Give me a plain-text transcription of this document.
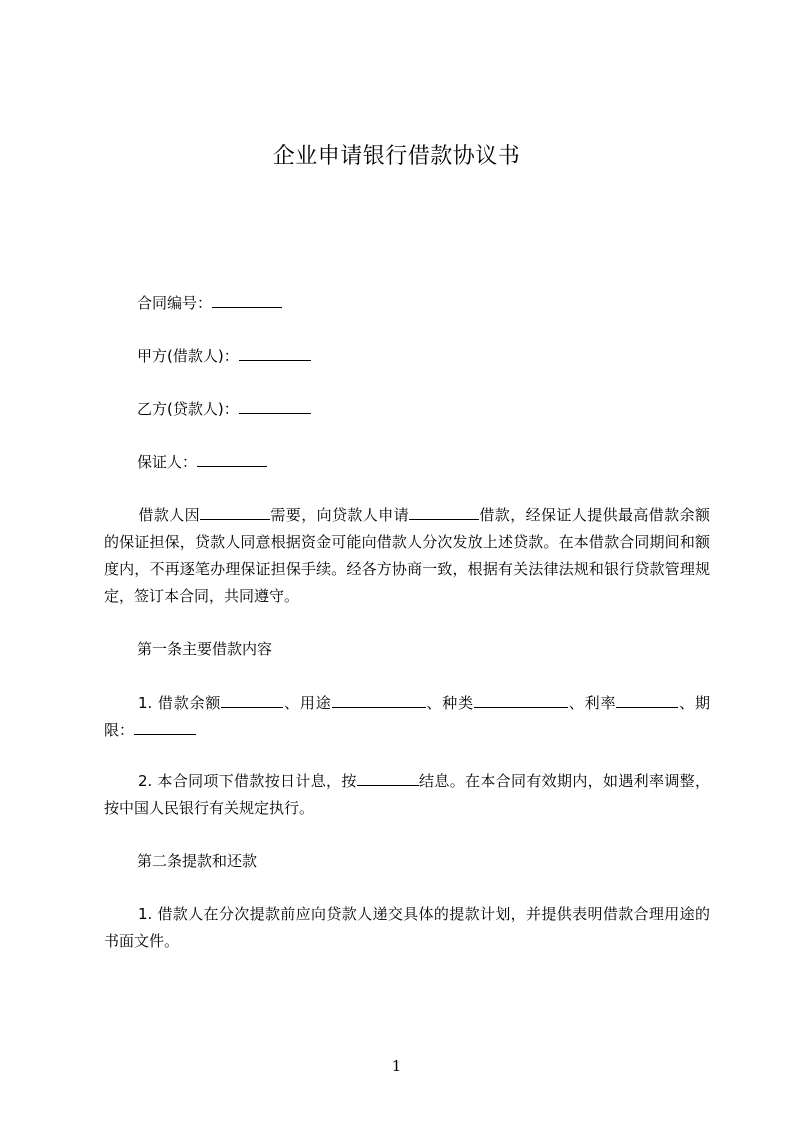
企业申请银行借款协议书
合同编号：
甲方(借款人)：
乙方(贷款人)：
保证人：
借款人因	需要，向贷款人申请	借款，经保证人提供最高借款余额的保证担保，贷款人同意根据资金可能向借款人分次发放上述贷款。在本借款合同期间和额度内，不再逐笔办理保证担保手续。经各方协商一致，根据有关法律法规和银行贷款管理规定，签订本合同，共同遵守。
第一条主要借款内容
1. 借款余额	、用途	、种类	、利率	、期限：
2. 本合同项下借款按日计息，按	结息。在本合同有效期内，如遇利率调整，按中国人民银行有关规定执行。
第二条提款和还款
1. 借款人在分次提款前应向贷款人递交具体的提款计划，并提供表明借款合理用途的书面文件。
1
